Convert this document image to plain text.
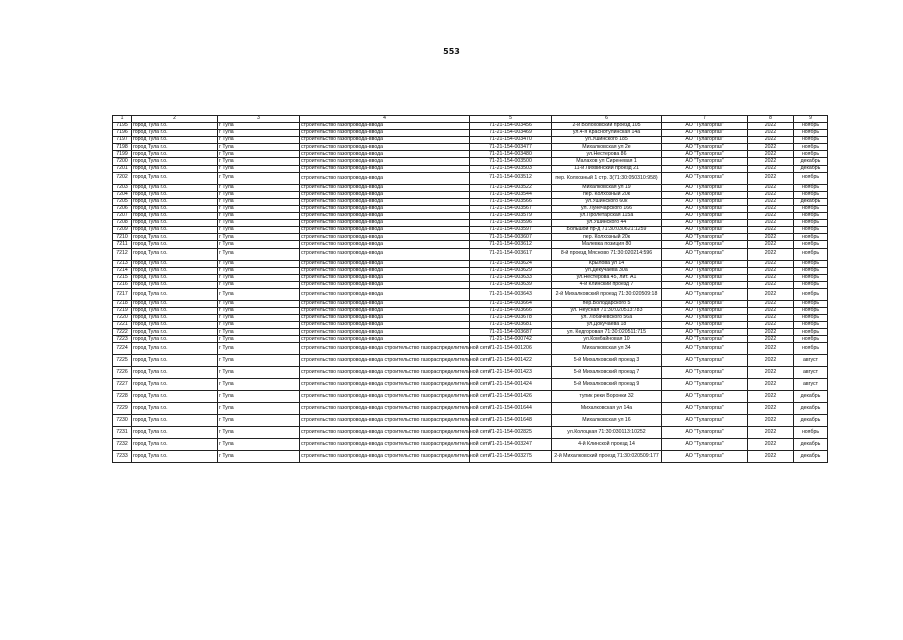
553
1	2	3	4	5	6	7	8	9
7195	город Тула г.о.	г Тула	строительство газопровода-ввода	71-21-154-003456	2-й Волоховский проезд 105	АО "Тулагоргаз"	2022	ноябрь
7196	город Тула г.о.	г Тула	строительство газопровода-ввода	71-21-154-003469	ул.4-я Краснотулинская 14а	АО "Тулагоргаз"	2022	ноябрь
7197	город Тула г.о.	г Тула	строительство газопровода-ввода	71-21-154-003470	ул.Ушинского 185	АО "Тулагоргаз"	2022	ноябрь
7198	город Тула г.о.	г Тула	строительство газопровода-ввода	71-21-154-003477	Михалковская ул 2е	АО "Тулагоргаз"	2022	ноябрь
7199	город Тула г.о.	г Тула	строительство газопровода-ввода	71-21-154-003480	ул.Нестерова 86	АО "Тулагоргаз"	2022	ноябрь
7200	город Тула г.о.	г Тула	строительство газопровода-ввода	71-21-154-003500	Малахов ул Сиреневая 1	АО "Тулагоргаз"	2022	декабрь
7201	город Тула г.о.	г Тула	строительство газопровода-ввода	71-21-154-003503	11-й Лихвинский проезд 21	АО "Тулагоргаз"	2022	декабрь
7202	город Тула г.о.	г Тула	строительство газопровода-ввода	71-21-154-003512	пер. Колхозный 1 стр. 3(71:30:050310:958)	АО "Тулагоргаз"	2022	ноябрь
7203	город Тула г.о.	г Тула	строительство газопровода-ввода	71-21-154-003522	Михалковская ул 19	АО "Тулагоргаз"	2022	ноябрь
7204	город Тула г.о.	г Тула	строительство газопровода-ввода	71-21-154-003544	пер. Колхозный 20к	АО "Тулагоргаз"	2022	ноябрь
7205	город Тула г.о.	г Тула	строительство газопровода-ввода	71-21-154-003566	ул.Ушинского 60к	АО "Тулагоргаз"	2022	декабрь
7206	город Тула г.о.	г Тула	строительство газопровода-ввода	71-21-154-003567	ул. Лунечарского 166	АО "Тулагоргаз"	2022	ноябрь
7207	город Тула г.о.	г Тула	строительство газопровода-ввода	71-21-154-003579	ул.Пролетарская 115а	АО "Тулагоргаз"	2022	ноябрь
7208	город Тула г.о.	г Тула	строительство газопровода-ввода	71-21-154-003596	ул.Ушинского 44	АО "Тулагоргаз"	2022	ноябрь
7209	город Тула г.о.	г Тула	строительство газопровода-ввода	71-21-154-003597	Большой пр-д 71:30:030621:1259	АО "Тулагоргаз"	2022	ноябрь
7210	город Тула г.о.	г Тула	строительство газопровода-ввода	71-21-154-003607	пер. Колхозный 20к	АО "Тулагоргаз"	2022	ноябрь
7211	город Тула г.о.	г Тула	строительство газопровода-ввода	71-21-154-003612	Малевка позиция 80	АО "Тулагоргаз"	2022	ноябрь
7212	город Тула г.о.	г Тула	строительство газопровода-ввода	71-21-154-003617	8-й проезд Мясново 71:30:020214:596	АО "Тулагоргаз"	2022	ноябрь
7213	город Тула г.о.	г Тула	строительство газопровода-ввода	71-21-154-003624	Крылова ул 14	АО "Тулагоргаз"	2022	ноябрь
7214	город Тула г.о.	г Тула	строительство газопровода-ввода	71-21-154-003629	ул.Декучаева 30а	АО "Тулагоргаз"	2022	ноябрь
7215	город Тула г.о.	г Тула	строительство газопровода-ввода	71-21-154-003633	ул.Нестерова 45, лит. А1	АО "Тулагоргаз"	2022	ноябрь
7216	город Тула г.о.	г Тула	строительство газопровода-ввода	71-21-154-003639	4-й Клинский проезд 7	АО "Тулагоргаз"	2022	ноябрь
7217	город Тула г.о.	г Тула	строительство газопровода-ввода	71-21-154-003643	2-й Михалковский проезд 71:30:020509:18	АО "Тулагоргаз"	2022	ноябрь
7218	город Тула г.о.	г Тула	строительство газопровода-ввода	71-21-154-003664	пер.Володарского 5	АО "Тулагоргаз"	2022	ноябрь
7219	город Тула г.о.	г Тула	строительство газопровода-ввода	71-21-154-003666	ул. Неусная 71:30:020513:783	АО "Тулагоргаз"	2022	ноябрь
7220	город Тула г.о.	г Тула	строительство газопровода-ввода	71-21-154-003678	ул. Лобачевского 56а	АО "Тулагоргаз"	2022	ноябрь
7221	город Тула г.о.	г Тула	строительство газопровода-ввода	71-21-154-003681	ул.Докучаева 18	АО "Тулагоргаз"	2022	ноябрь
7222	город Тула г.о.	г Тула	строительство газопровода-ввода	71-21-154-003687	ул. Кедгоровая 71:30:020511:715	АО "Тулагоргаз"	2022	ноябрь
7223	город Тула г.о.	г Тула	строительство газопровода-ввода	71-21-154-000742	ул.Комбайновая 10	АО "Тулагоргаз"	2022	ноябрь
7224	город Тула г.о.	г Тула	строительство газопровода-ввода строительство газораспределительной сети	71-21-154-001206	Михалковская ул 34	АО "Тулагоргаз"	2022	ноябрь
7225	город Тула г.о.	г Тула	строительство газопровода-ввода строительство газораспределительной сети	71-21-154-001422	5-й Михалковский проезд 3	АО "Тулагоргаз"	2022	август
7226	город Тула г.о.	г Тула	строительство газопровода-ввода строительство газораспределительной сети	71-21-154-001423	5-й Михалковский проезд 7	АО "Тулагоргаз"	2022	август
7227	город Тула г.о.	г Тула	строительство газопровода-ввода строительство газораспределительной сети	71-21-154-001424	5-й Михалковский проезд 9	АО "Тулагоргаз"	2022	август
7228	город Тула г.о.	г Тула	строительство газопровода-ввода строительство газораспределительной сети	71-21-154-001426	тупик реки Воронки 32	АО "Тулагоргаз"	2022	декабрь
7229	город Тула г.о.	г Тула	строительство газопровода-ввода строительство газораспределительной сети	71-21-154-001644	Михалковская ул 14а	АО "Тулагоргаз"	2022	декабрь
7230	город Тула г.о.	г Тула	строительство газопровода-ввода строительство газораспределительной сети	71-21-154-001648	Михалковская ул 16	АО "Тулагоргаз"	2022	декабрь
7231	город Тула г.о.	г Тула	строительство газопровода-ввода строительство газораспределительной сети	71-21-154-002825	ул.Колоцкая 71:30:030113:10252	АО "Тулагоргаз"	2022	ноябрь
7232	город Тула г.о.	г Тула	строительство газопровода-ввода строительство газораспределительной сети	71-21-154-003247	4-й Клинской проезд 14	АО "Тулагоргаз"	2022	декабрь
7233	город Тула г.о.	г Тула	строительство газопровода-ввода строительство газораспределительной сети	71-21-154-003275	2-й Михалковский проезд 71:30:020509:177	АО "Тулагоргаз"	2022	декабрь
